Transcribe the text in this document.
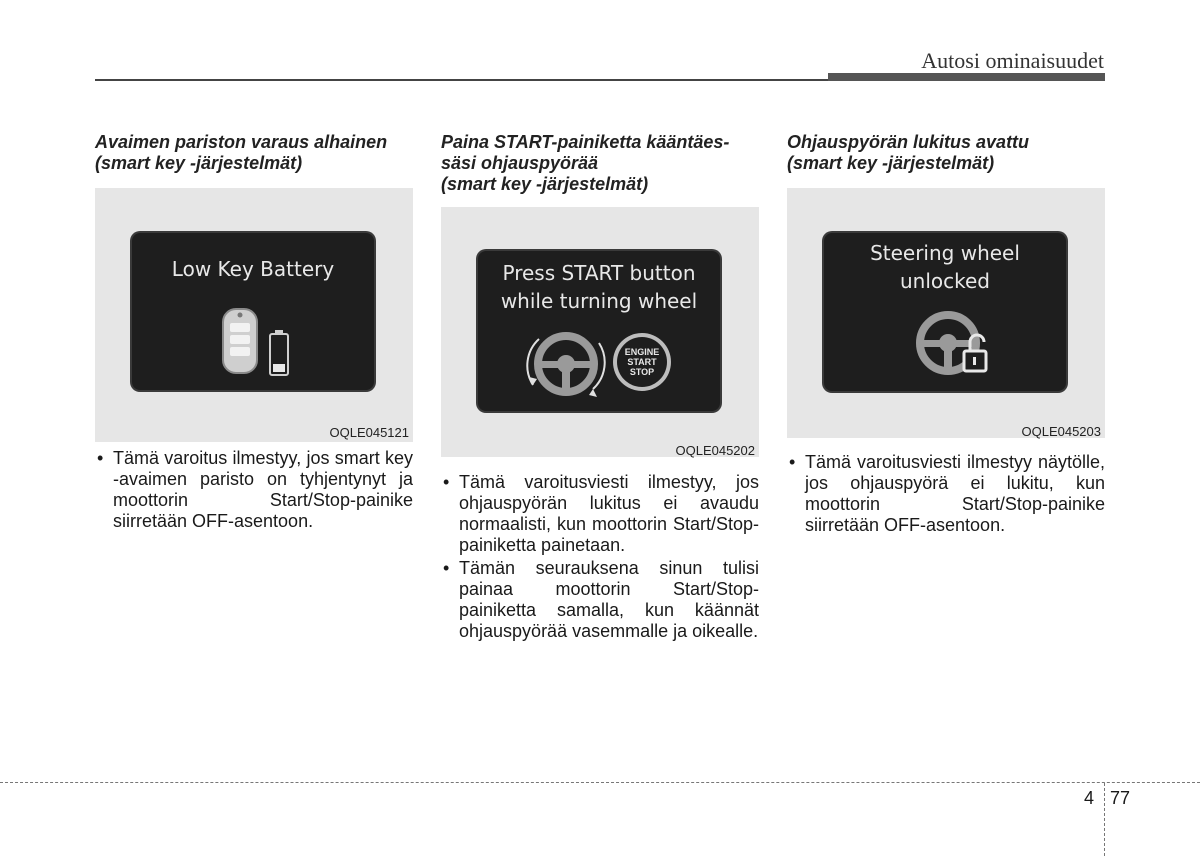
Autosi ominaisuudet
Avaimen pariston varaus alhainen
(smart key -järjestelmät)
Low Key Battery
OQLE045121
• Tämä varoitus ilmestyy, jos smart key -avaimen paristo on tyhjentynyt ja moottorin Start/Stop-painike siirretään OFF-asentoon.
Paina START-painiketta kääntäes-
säsi ohjauspyörää
(smart key -järjestelmät)
Press START button
while turning wheel
ENGINE
START
STOP
OQLE045202
• Tämä varoitusviesti ilmestyy, jos ohjauspyörän lukitus ei avaudu normaalisti, kun moottorin Start/Stop-painiketta painetaan.
• Tämän seurauksena sinun tulisi painaa moottorin Start/Stop-painiketta samalla, kun käännät ohjauspyörää vasemmalle ja oikealle.
Ohjauspyörän lukitus avattu
(smart key -järjestelmät)
Steering wheel
unlocked
OQLE045203
• Tämä varoitusviesti ilmestyy näytölle, jos ohjauspyörä ei lukitu, kun moottorin Start/Stop-painike siirretään OFF-asentoon.
4 77
